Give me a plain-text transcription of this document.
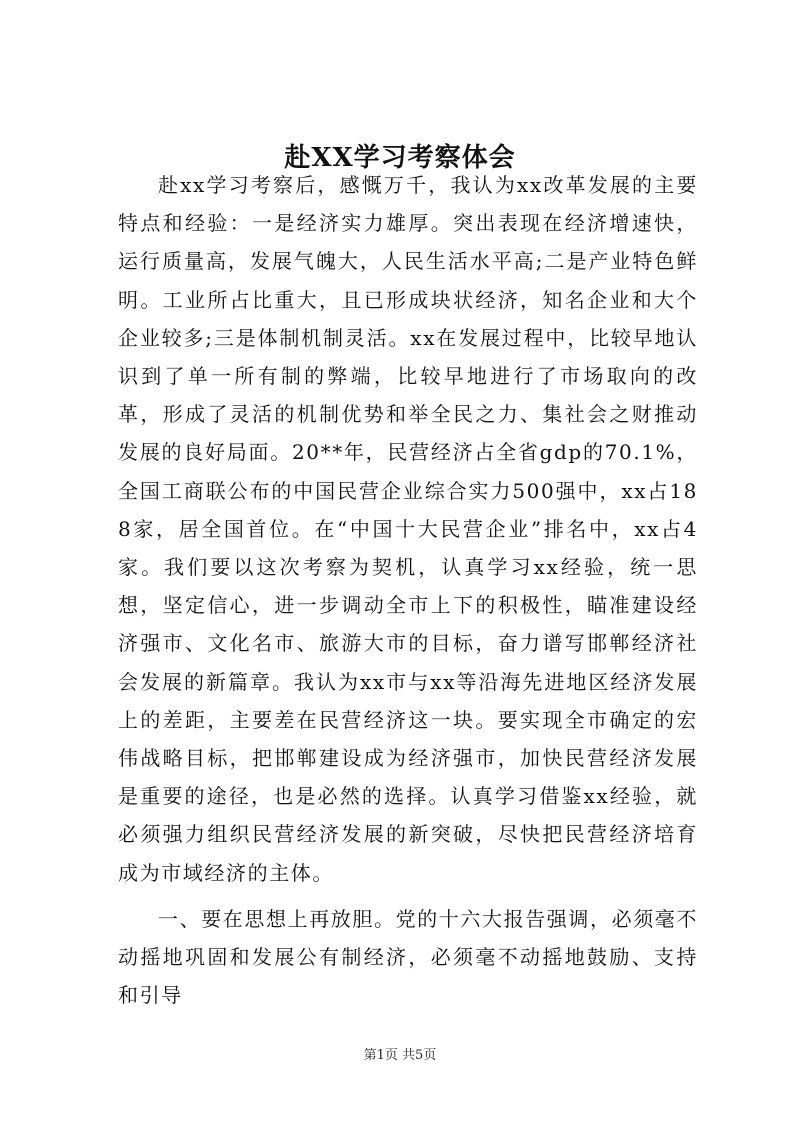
赴XX学习考察体会

赴xx学习考察后，感慨万千，我认为xx改革发展的主要特点和经验：一是经济实力雄厚。突出表现在经济增速快，运行质量高，发展气魄大，人民生活水平高;二是产业特色鲜明。工业所占比重大，且已形成块状经济，知名企业和大个企业较多;三是体制机制灵活。xx在发展过程中，比较早地认识到了单一所有制的弊端，比较早地进行了市场取向的改革，形成了灵活的机制优势和举全民之力、集社会之财推动发展的良好局面。20**年，民营经济占全省gdp的70.1%，全国工商联公布的中国民营企业综合实力500强中，xx占188家，居全国首位。在“中国十大民营企业”排名中，xx占4家。我们要以这次考察为契机，认真学习xx经验，统一思想，坚定信心，进一步调动全市上下的积极性，瞄准建设经济强市、文化名市、旅游大市的目标，奋力谱写邯郸经济社会发展的新篇章。我认为xx市与xx等沿海先进地区经济发展上的差距，主要差在民营经济这一块。要实现全市确定的宏伟战略目标，把邯郸建设成为经济强市，加快民营经济发展是重要的途径，也是必然的选择。认真学习借鉴xx经验，就必须强力组织民营经济发展的新突破，尽快把民营经济培育成为市域经济的主体。

一、要在思想上再放胆。党的十六大报告强调，必须毫不动摇地巩固和发展公有制经济，必须毫不动摇地鼓励、支持和引导

第1页 共5页
